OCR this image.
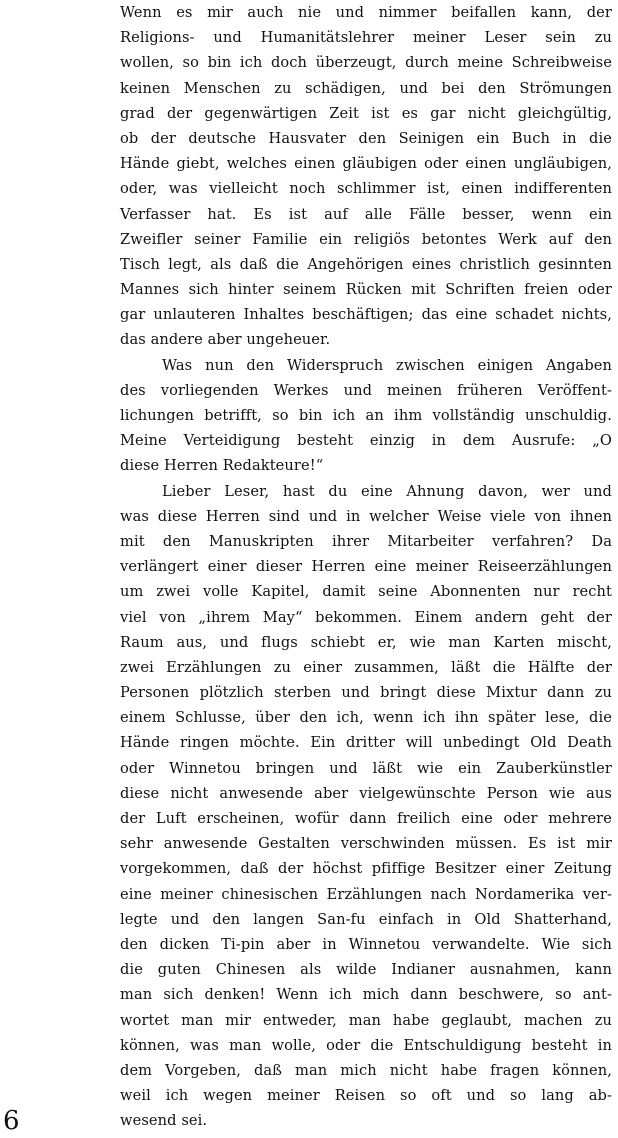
Wenn es mir auch nie und nimmer beifallen kann, der
Religions- und Humanitätslehrer meiner Leser sein zu
wollen, so bin ich doch überzeugt, durch meine Schreibweise
keinen Menschen zu schädigen, und bei den Strömungen
grad der gegenwärtigen Zeit ist es gar nicht gleichgültig,
ob der deutsche Hausvater den Seinigen ein Buch in die
Hände giebt, welches einen gläubigen oder einen ungläubigen,
oder, was vielleicht noch schlimmer ist, einen indifferenten
Verfasser hat. Es ist auf alle Fälle besser, wenn ein
Zweifler seiner Familie ein religiös betontes Werk auf den
Tisch legt, als daß die Angehörigen eines christlich gesinnten
Mannes sich hinter seinem Rücken mit Schriften freien oder
gar unlauteren Inhaltes beschäftigen; das eine schadet nichts,
das andere aber ungeheuer.
Was nun den Widerspruch zwischen einigen Angaben
des vorliegenden Werkes und meinen früheren Veröffent-
lichungen betrifft, so bin ich an ihm vollständig unschuldig.
Meine Verteidigung besteht einzig in dem Ausrufe: „O
diese Herren Redakteure!“
Lieber Leser, hast du eine Ahnung davon, wer und
was diese Herren sind und in welcher Weise viele von ihnen
mit den Manuskripten ihrer Mitarbeiter verfahren? Da
verlängert einer dieser Herren eine meiner Reiseerzählungen
um zwei volle Kapitel, damit seine Abonnenten nur recht
viel von „ihrem May“ bekommen. Einem andern geht der
Raum aus, und flugs schiebt er, wie man Karten mischt,
zwei Erzählungen zu einer zusammen, läßt die Hälfte der
Personen plötzlich sterben und bringt diese Mixtur dann zu
einem Schlusse, über den ich, wenn ich ihn später lese, die
Hände ringen möchte. Ein dritter will unbedingt Old Death
oder Winnetou bringen und läßt wie ein Zauberkünstler
diese nicht anwesende aber vielgewünschte Person wie aus
der Luft erscheinen, wofür dann freilich eine oder mehrere
sehr anwesende Gestalten verschwinden müssen. Es ist mir
vorgekommen, daß der höchst pfiffige Besitzer einer Zeitung
eine meiner chinesischen Erzählungen nach Nordamerika ver-
legte und den langen San-fu einfach in Old Shatterhand,
den dicken Ti-pin aber in Winnetou verwandelte. Wie sich
die guten Chinesen als wilde Indianer ausnahmen, kann
man sich denken! Wenn ich mich dann beschwere, so ant-
wortet man mir entweder, man habe geglaubt, machen zu
können, was man wolle, oder die Entschuldigung besteht in
dem Vorgeben, daß man mich nicht habe fragen können,
weil ich wegen meiner Reisen so oft und so lang ab-
wesend sei.
6
